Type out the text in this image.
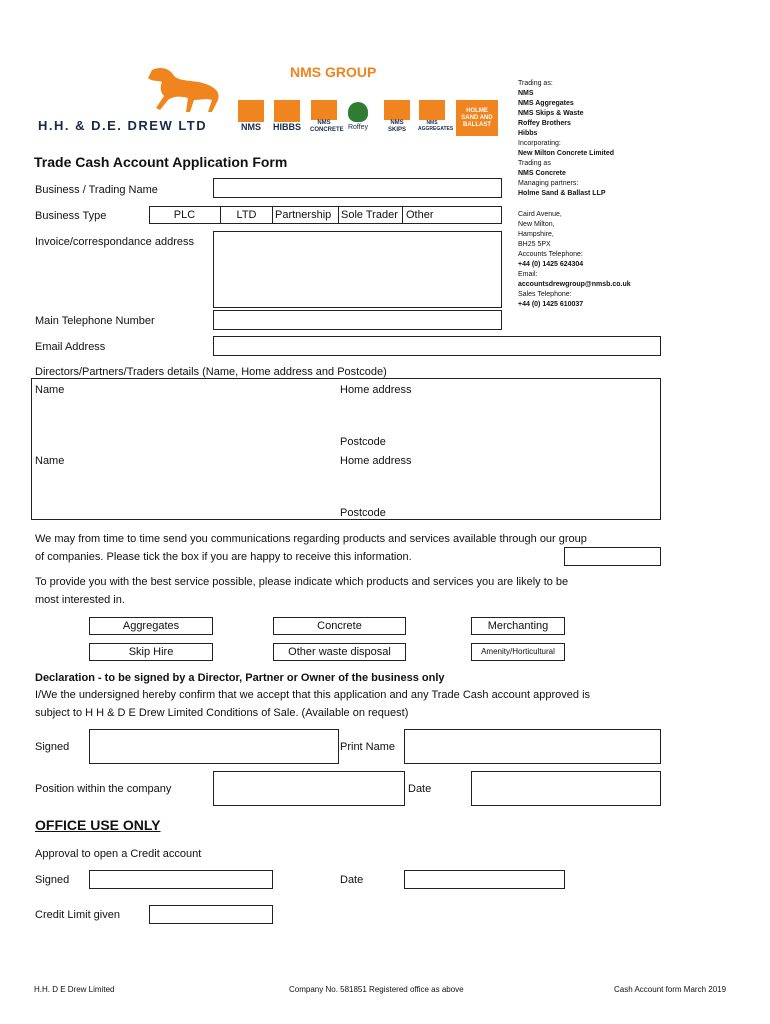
H.H. & D.E. DREW LTD
NMS GROUP
NMS	HIBBS	NMS CONCRETE Roffey
NMS SKIPS
NMS AGGREGATES
HOLME SAND AND BALLAST
Trading as:
NMS
NMS Aggregates
NMS Skips & Waste
Roffey Brothers
Hibbs
Incorporating:
New Milton Concrete Limited
Trading as
NMS Concrete
Managing partners:
Holme Sand & Ballast LLP
Caird Avenue,
New Milton,
Hampshire,
BH25 5PX
Accounts Telephone:
+44 (0) 1425 624304
Email:
accountsdrewgroup@nmsb.co.uk
Sales Telephone:
+44 (0) 1425 610037
Trade Cash Account Application Form
Business / Trading Name
Business Type	PLC	LTD	Partnership Sole Trader Other
Invoice/correspondance address
Main Telephone Number
Email Address
Directors/Partners/Traders details (Name, Home address and Postcode)
Name	Home address
Postcode
Name	Home address
Postcode
We may from time to time send you communications regarding products and services available through our group
of companies. Please tick the box if you are happy to receive this information.
To provide you with the best service possible, please indicate which products and services you are likely to be
most interested in.
Aggregates	Concrete	Merchanting
Skip Hire	Other waste disposal	Amenity/Horticultural
Declaration - to be signed by a Director, Partner or Owner of the business only
I/We the undersigned hereby confirm that we accept that this application and any Trade Cash account approved is
subject to H H & D E Drew Limited Conditions of Sale. (Available on request)
Signed	Print Name
Position within the company	Date
OFFICE USE ONLY
Approval to open a Credit account
Signed	Date
Credit Limit given
H.H. D E Drew Limited	Company No. 581851 Registered office as above	Cash Account form March 2019
